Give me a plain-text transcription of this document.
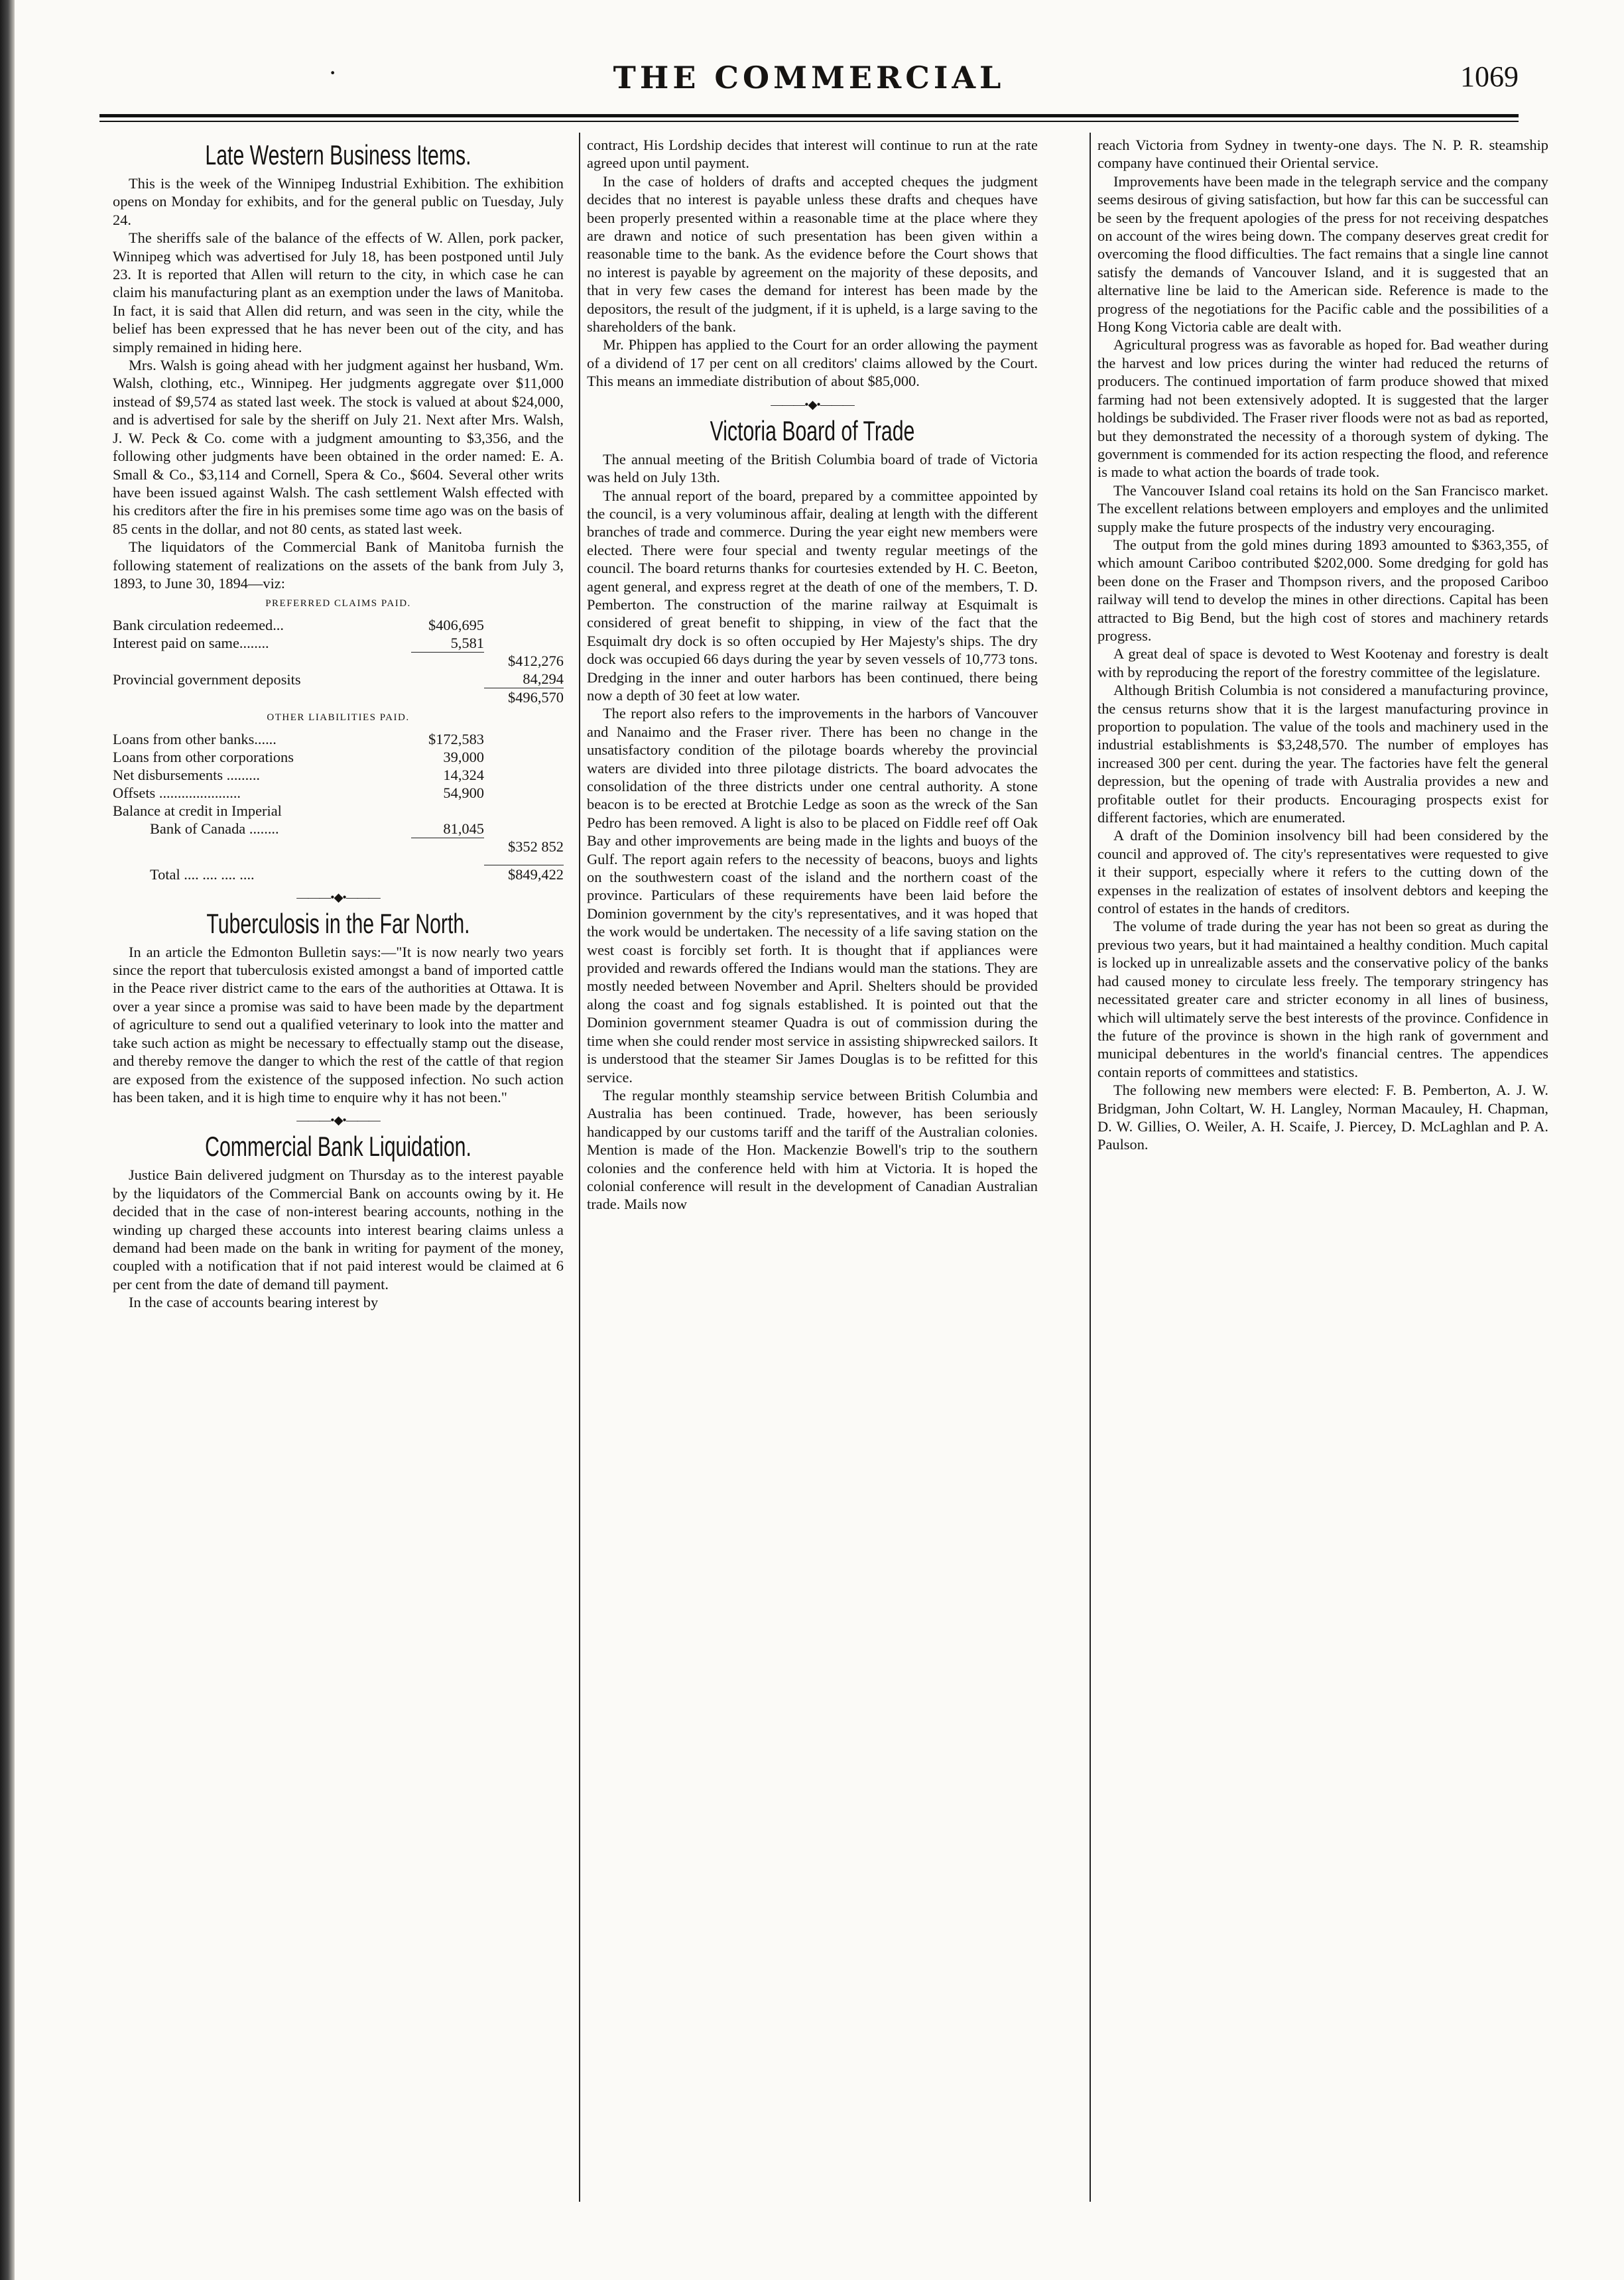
·	THE COMMERCIAL	1069
Late Western Business Items.

This is the week of the Winnipeg Industrial Exhibition. The exhibition opens on Monday for exhibits, and for the general public on Tuesday, July 24.

The sheriffs sale of the balance of the effects of W. Allen, pork packer, Winnipeg which was advertised for July 18, has been postponed until July 23. It is reported that Allen will return to the city, in which case he can claim his manufacturing plant as an exemption under the laws of Manitoba. In fact, it is said that Allen did return, and was seen in the city, while the belief has been expressed that he has never been out of the city, and has simply remained in hiding here.

Mrs. Walsh is going ahead with her judgment against her husband, Wm. Walsh, clothing, etc., Winnipeg. Her judgments aggregate over $11,000 instead of $9,574 as stated last week. The stock is valued at about $24,000, and is advertised for sale by the sheriff on July 21. Next after Mrs. Walsh, J. W. Peck & Co. come with a judgment amounting to $3,356, and the following other judgments have been obtained in the order named: E. A. Small & Co., $3,114 and Cornell, Spera & Co., $604. Several other writs have been issued against Walsh. The cash settlement Walsh effected with his creditors after the fire in his premises some time ago was on the basis of 85 cents in the dollar, and not 80 cents, as stated last week.

The liquidators of the Commercial Bank of Manitoba furnish the following statement of realizations on the assets of the bank from July 3, 1893, to June 30, 1894—viz:

PREFERRED CLAIMS PAID.
Bank circulation redeemed...	$406,695	
Interest paid on same........	5,581	
		$412,276
Provincial government deposits		84,294
		$496,570
OTHER LIABILITIES PAID.
Loans from other banks......	$172,583	
Loans from other corporations	39,000	
Net disbursements .........	14,324	
Offsets ......................	54,900	
Balance at credit in Imperial		
Bank of Canada ........	81,045	
		$352 852

Total .... .... .... ....		$849,422
———•◆•———
Tuberculosis in the Far North.

In an article the Edmonton Bulletin says:—"It is now nearly two years since the report that tuberculosis existed amongst a band of imported cattle in the Peace river district came to the ears of the authorities at Ottawa. It is over a year since a promise was said to have been made by the department of agriculture to send out a qualified veterinary to look into the matter and take such action as might be necessary to effectually stamp out the disease, and thereby remove the danger to which the rest of the cattle of that region are exposed from the existence of the supposed infection. No such action has been taken, and it is high time to enquire why it has not been."

———•◆•———
Commercial Bank Liquidation.

Justice Bain delivered judgment on Thursday as to the interest payable by the liquidators of the Commercial Bank on accounts owing by it. He decided that in the case of non-interest bearing accounts, nothing in the winding up charged these accounts into interest bearing claims unless a demand had been made on the bank in writing for payment of the money, coupled with a notification that if not paid interest would be claimed at 6 per cent from the date of demand till payment.

In the case of accounts bearing interest by

contract, His Lordship decides that interest will continue to run at the rate agreed upon until payment.

In the case of holders of drafts and accepted cheques the judgment decides that no interest is payable unless these drafts and cheques have been properly presented within a reasonable time at the place where they are drawn and notice of such presentation has been given within a reasonable time to the bank. As the evidence before the Court shows that no interest is payable by agreement on the majority of these deposits, and that in very few cases the demand for interest has been made by the depositors, the result of the judgment, if it is upheld, is a large saving to the shareholders of the bank.

Mr. Phippen has applied to the Court for an order allowing the payment of a dividend of 17 per cent on all creditors' claims allowed by the Court. This means an immediate distribution of about $85,000.

———•◆•———
Victoria Board of Trade

The annual meeting of the British Columbia board of trade of Victoria was held on July 13th.

The annual report of the board, prepared by a committee appointed by the council, is a very voluminous affair, dealing at length with the different branches of trade and commerce. During the year eight new members were elected. There were four special and twenty regular meetings of the council. The board returns thanks for courtesies extended by H. C. Beeton, agent general, and express regret at the death of one of the members, T. D. Pemberton. The construction of the marine railway at Esquimalt is considered of great benefit to shipping, in view of the fact that the Esquimalt dry dock is so often occupied by Her Majesty's ships. The dry dock was occupied 66 days during the year by seven vessels of 10,773 tons. Dredging in the inner and outer harbors has been continued, there being now a depth of 30 feet at low water.

The report also refers to the improvements in the harbors of Vancouver and Nanaimo and the Fraser river. There has been no change in the unsatisfactory condition of the pilotage boards whereby the provincial waters are divided into three pilotage districts. The board advocates the consolidation of the three districts under one central authority. A stone beacon is to be erected at Brotchie Ledge as soon as the wreck of the San Pedro has been removed. A light is also to be placed on Fiddle reef off Oak Bay and other improvements are being made in the lights and buoys of the Gulf. The report again refers to the necessity of beacons, buoys and lights on the southwestern coast of the island and the northern coast of the province. Particulars of these requirements have been laid before the Dominion government by the city's representatives, and it was hoped that the work would be undertaken. The necessity of a life saving station on the west coast is forcibly set forth. It is thought that if appliances were provided and rewards offered the Indians would man the stations. They are mostly needed between November and April. Shelters should be provided along the coast and fog signals established. It is pointed out that the Dominion government steamer Quadra is out of commission during the time when she could render most service in assisting shipwrecked sailors. It is understood that the steamer Sir James Douglas is to be refitted for this service.

The regular monthly steamship service between British Columbia and Australia has been continued. Trade, however, has been seriously handicapped by our customs tariff and the tariff of the Australian colonies. Mention is made of the Hon. Mackenzie Bowell's trip to the southern colonies and the conference held with him at Victoria. It is hoped the colonial conference will result in the development of Canadian Australian trade. Mails now

reach Victoria from Sydney in twenty-one days. The N. P. R. steamship company have continued their Oriental service.

Improvements have been made in the telegraph service and the company seems desirous of giving satisfaction, but how far this can be successful can be seen by the frequent apologies of the press for not receiving despatches on account of the wires being down. The company deserves great credit for overcoming the flood difficulties. The fact remains that a single line cannot satisfy the demands of Vancouver Island, and it is suggested that an alternative line be laid to the American side. Reference is made to the progress of the negotiations for the Pacific cable and the possibilities of a Hong Kong Victoria cable are dealt with.

Agricultural progress was as favorable as hoped for. Bad weather during the harvest and low prices during the winter had reduced the returns of producers. The continued importation of farm produce showed that mixed farming had not been extensively adopted. It is suggested that the larger holdings be subdivided. The Fraser river floods were not as bad as reported, but they demonstrated the necessity of a thorough system of dyking. The government is commended for its action respecting the flood, and reference is made to what action the boards of trade took.

The Vancouver Island coal retains its hold on the San Francisco market. The excellent relations between employers and employes and the unlimited supply make the future prospects of the industry very encouraging.

The output from the gold mines during 1893 amounted to $363,355, of which amount Cariboo contributed $202,000. Some dredging for gold has been done on the Fraser and Thompson rivers, and the proposed Cariboo railway will tend to develop the mines in other directions. Capital has been attracted to Big Bend, but the high cost of stores and machinery retards progress.

A great deal of space is devoted to West Kootenay and forestry is dealt with by reproducing the report of the forestry committee of the legislature.

Although British Columbia is not considered a manufacturing province, the census returns show that it is the largest manufacturing province in proportion to population. The value of the tools and machinery used in the industrial establishments is $3,248,570. The number of employes has increased 300 per cent. during the year. The factories have felt the general depression, but the opening of trade with Australia provides a new and profitable outlet for their products. Encouraging prospects exist for different factories, which are enumerated.

A draft of the Dominion insolvency bill had been considered by the council and approved of. The city's representatives were requested to give it their support, especially where it refers to the cutting down of the expenses in the realization of estates of insolvent debtors and keeping the control of estates in the hands of creditors.

The volume of trade during the year has not been so great as during the previous two years, but it had maintained a healthy condition. Much capital is locked up in unrealizable assets and the conservative policy of the banks had caused money to circulate less freely. The temporary stringency has necessitated greater care and stricter economy in all lines of business, which will ultimately serve the best interests of the province. Confidence in the future of the province is shown in the high rank of government and municipal debentures in the world's financial centres. The appendices contain reports of committees and statistics.

The following new members were elected: F. B. Pemberton, A. J. W. Bridgman, John Coltart, W. H. Langley, Norman Macauley, H. Chapman, D. W. Gillies, O. Weiler, A. H. Scaife, J. Piercey, D. McLaghlan and P. A. Paulson.
